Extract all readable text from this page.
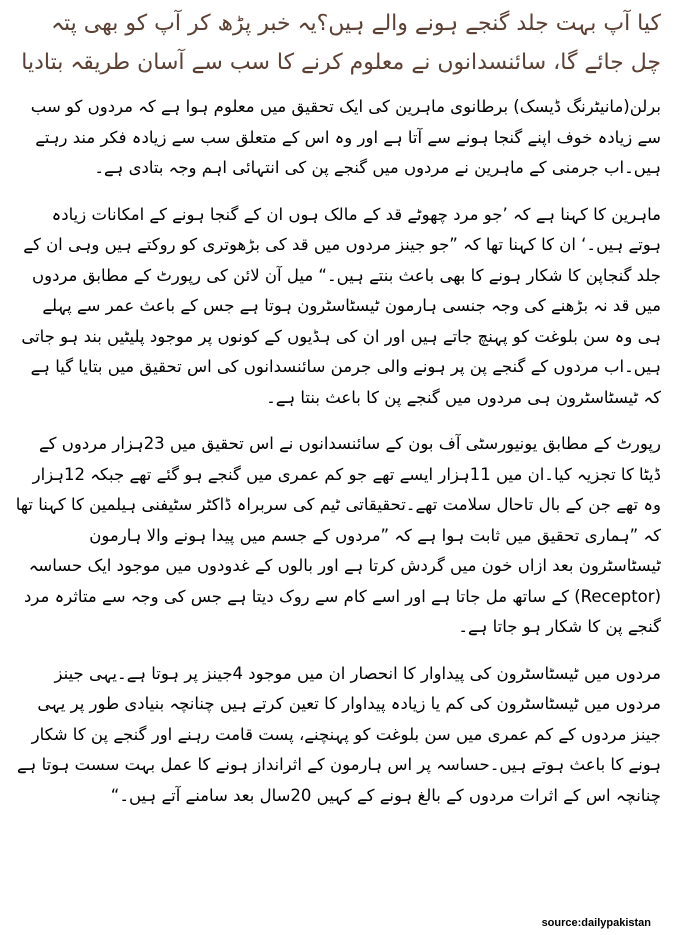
کیا آپ بہت جلد گنجے ہونے والے ہیں؟یہ خبر پڑھ کر آپ کو بھی پتہ چل جائے گا، سائنسدانوں نے معلوم کرنے کا سب سے آسان طریقہ بتادیا

برلن(مانیٹرنگ ڈیسک) برطانوی ماہرین کی ایک تحقیق میں معلوم ہوا ہے کہ مردوں کو سب سے زیادہ خوف اپنے گنجا ہونے سے آتا ہے اور وہ اس کے متعلق سب سے زیادہ فکر مند رہتے ہیں۔اب جرمنی کے ماہرین نے مردوں میں گنجے پن کی انتہائی اہم وجہ بتادی ہے۔

ماہرین کا کہنا ہے کہ ’جو مرد چھوٹے قد کے مالک ہوں ان کے گنجا ہونے کے امکانات زیادہ ہوتے ہیں۔‘ ان کا کہنا تھا کہ ”جو جینز مردوں میں قد کی بڑھوتری کو روکتے ہیں وہی ان کے جلد گنجاپن کا شکار ہونے کا بھی باعث بنتے ہیں۔“ میل آن لائن کی رپورٹ کے مطابق مردوں میں قد نہ بڑھنے کی وجہ جنسی ہارمون ٹیسٹاسٹرون ہوتا ہے جس کے باعث عمر سے پہلے ہی وہ سن بلوغت کو پہنچ جاتے ہیں اور ان کی ہڈیوں کے کونوں پر موجود پلیٹیں بند ہو جاتی ہیں۔اب مردوں کے گنجے پن پر ہونے والی جرمن سائنسدانوں کی اس تحقیق میں بتایا گیا ہے کہ ٹیسٹاسٹرون ہی مردوں میں گنجے پن کا باعث بنتا ہے۔

رپورٹ کے مطابق یونیورسٹی آف بون کے سائنسدانوں نے اس تحقیق میں 23ہزار مردوں کے ڈیٹا کا تجزیہ کیا۔ان میں 11ہزار ایسے تھے جو کم عمری میں گنجے ہو گئے تھے جبکہ 12ہزار وہ تھے جن کے بال تاحال سلامت تھے۔تحقیقاتی ٹیم کی سربراہ ڈاکٹر سٹیفنی ہیلمین کا کہنا تھا کہ ”ہماری تحقیق میں ثابت ہوا ہے کہ ”مردوں کے جسم میں پیدا ہونے والا ہارمون ٹیسٹاسٹرون بعد ازاں خون میں گردش کرتا ہے اور بالوں کے غدودوں میں موجود ایک حساسہ (Receptor) کے ساتھ مل جاتا ہے اور اسے کام سے روک دیتا ہے جس کی وجہ سے متاثرہ مرد گنجے پن کا شکار ہو جاتا ہے۔

مردوں میں ٹیسٹاسٹرون کی پیداوار کا انحصار ان میں موجود 4جینز پر ہوتا ہے۔یہی جینز مردوں میں ٹیسٹاسٹرون کی کم یا زیادہ پیداوار کا تعین کرتے ہیں چنانچہ بنیادی طور پر یہی جینز مردوں کے کم عمری میں سن بلوغت کو پہنچنے، پست قامت رہنے اور گنجے پن کا شکار ہونے کا باعث ہوتے ہیں۔حساسہ پر اس ہارمون کے اثرانداز ہونے کا عمل بہت سست ہوتا ہے چنانچہ اس کے اثرات مردوں کے بالغ ہونے کے کہیں 20سال بعد سامنے آتے ہیں۔“

source:dailypakistan
